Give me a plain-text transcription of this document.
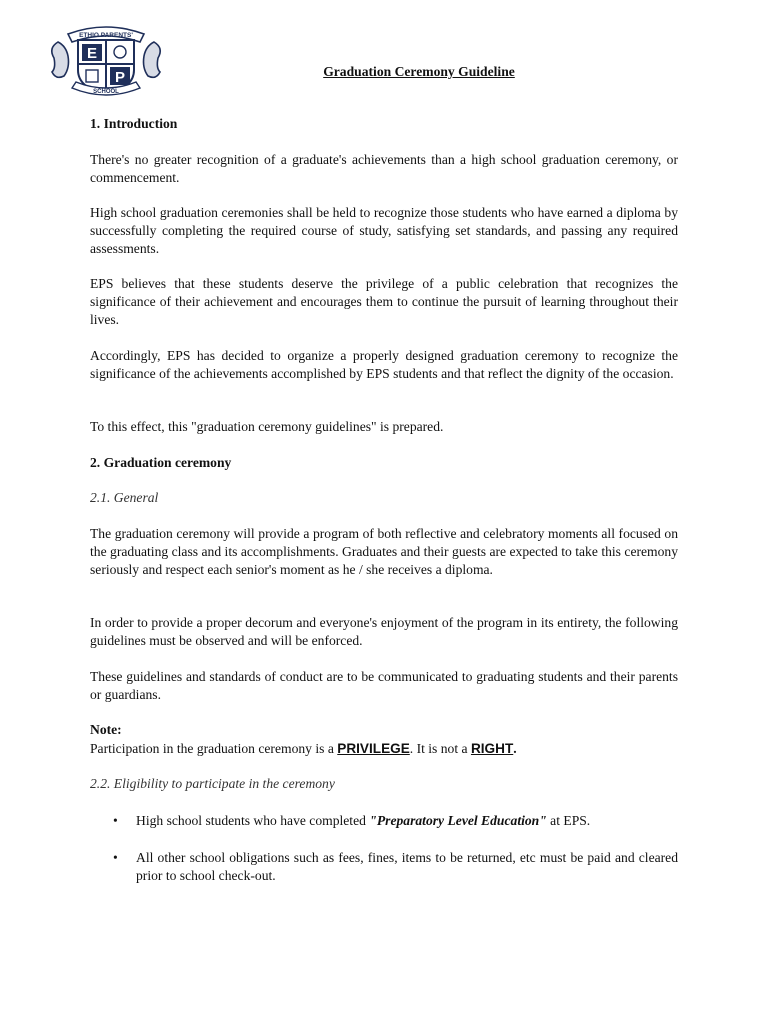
ETHIO PARENTS'
E
P
SCHOOL
Graduation Ceremony Guideline
1. Introduction
There's no greater recognition of a graduate's achievements than a high school graduation ceremony, or commencement.
High school graduation ceremonies shall be held to recognize those students who have earned a diploma by successfully completing the required course of study, satisfying set standards, and passing any required assessments.
EPS believes that these students deserve the privilege of a public celebration that recognizes the significance of their achievement and encourages them to continue the pursuit of learning throughout their lives.
Accordingly, EPS has decided to organize a properly designed graduation ceremony to recognize the significance of the achievements accomplished by EPS students and that reflect the dignity of the occasion.
To this effect, this "graduation ceremony guidelines" is prepared.
2. Graduation ceremony
2.1. General
The graduation ceremony will provide a program of both reflective and celebratory moments all focused on the graduating class and its accomplishments. Graduates and their guests are expected to take this ceremony seriously and respect each senior's moment as he / she receives a diploma.
In order to provide a proper decorum and everyone's enjoyment of the program in its entirety, the following guidelines must be observed and will be enforced.
These guidelines and standards of conduct are to be communicated to graduating students and their parents or guardians.
Note:
Participation in the graduation ceremony is a PRIVILEGE. It is not a RIGHT.
2.2. Eligibility to participate in the ceremony
• High school students who have completed "Preparatory Level Education" at EPS.
• All other school obligations such as fees, fines, items to be returned, etc must be paid and cleared prior to school check-out.
